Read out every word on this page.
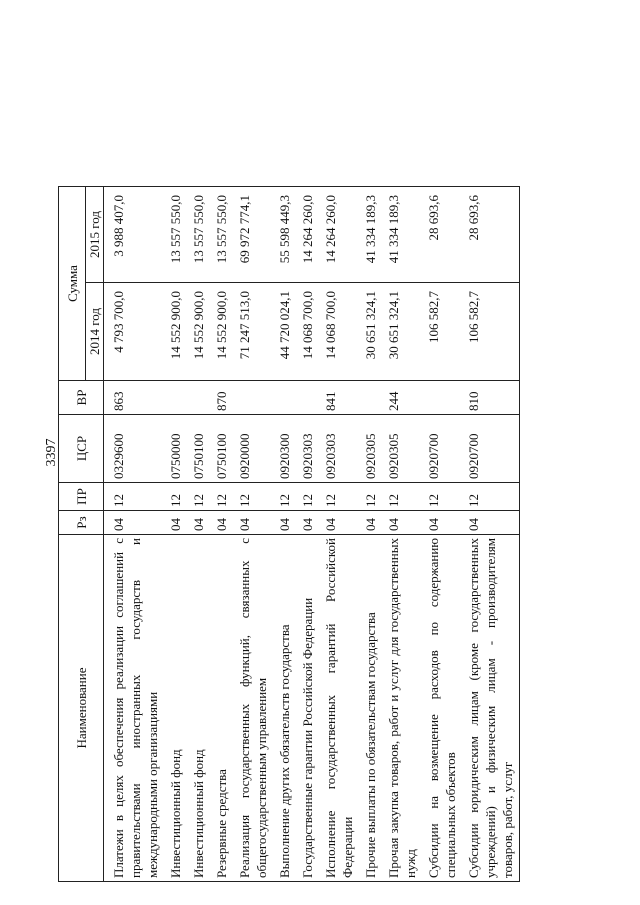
3397
Наименование	Рз	ПР	ЦСР	ВР	Сумма	
					2014 год	2015 год
Платежи в целях обеспечения реализации соглашений с правительствами иностранных государств и международными организациями	04	12	0329600	863	4 793 700,0	3 988 407,0
Инвестиционный фонд	04	12	0750000		14 552 900,0	13 557 550,0
Инвестиционный фонд	04	12	0750100		14 552 900,0	13 557 550,0
Резервные средства	04	12	0750100	870	14 552 900,0	13 557 550,0
Реализация государственных функций, связанных с общегосударственным управлением	04	12	0920000		71 247 513,0	69 972 774,1
Выполнение других обязательств государства	04	12	0920300		44 720 024,1	55 598 449,3
Государственные гарантии Российской Федерации	04	12	0920303		14 068 700,0	14 264 260,0
Исполнение государственных гарантий Российской Федерации	04	12	0920303	841	14 068 700,0	14 264 260,0
Прочие выплаты по обязательствам государства	04	12	0920305		30 651 324,1	41 334 189,3
Прочая закупка товаров, работ и услуг для государственных нужд	04	12	0920305	244	30 651 324,1	41 334 189,3
Субсидии на возмещение расходов по содержанию специальных объектов	04	12	0920700		106 582,7	28 693,6
Субсидии юридическим лицам (кроме государственных учреждений) и физическим лицам - производителям товаров, работ, услуг	04	12	0920700	810	106 582,7	28 693,6
